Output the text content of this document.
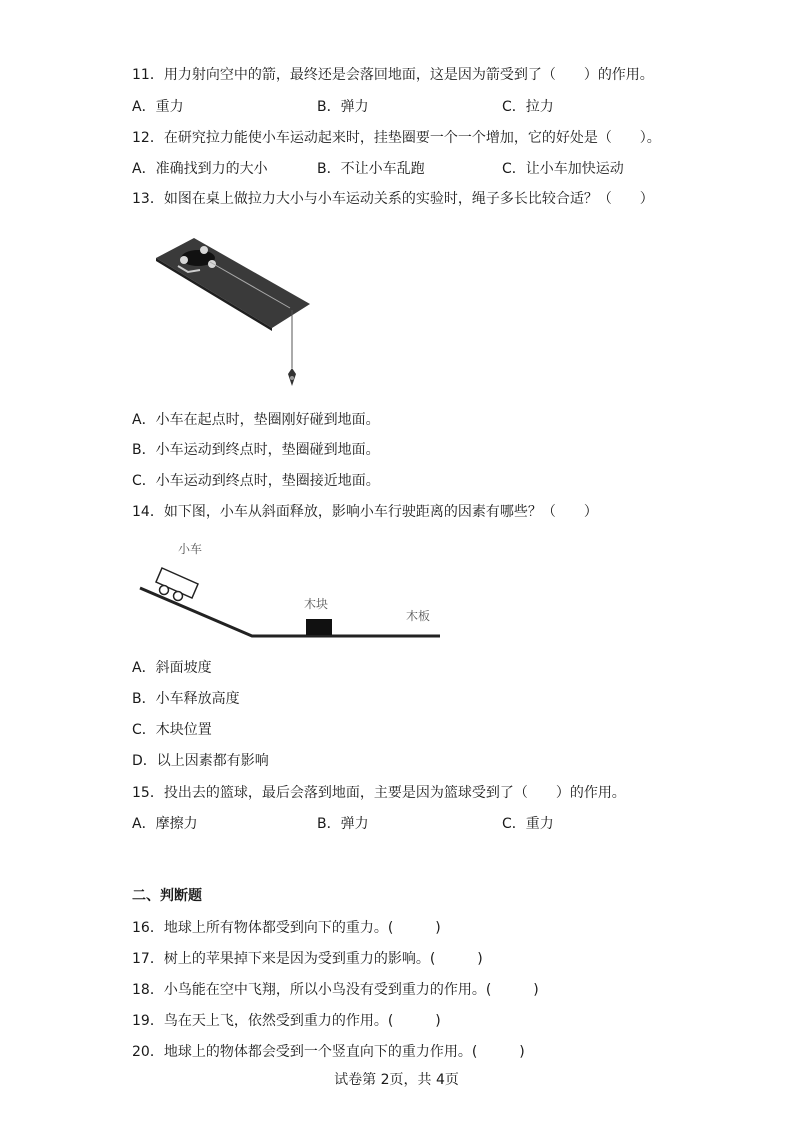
11．用力射向空中的箭，最终还是会落回地面，这是因为箭受到了（　　）的作用。
A．重力	B．弹力	C．拉力
12．在研究拉力能使小车运动起来时，挂垫圈要一个一个增加，它的好处是（　　）。
A．准确找到力的大小	B．不让小车乱跑	C．让小车加快运动
13．如图在桌上做拉力大小与小车运动关系的实验时，绳子多长比较合适？（　　）
A．小车在起点时，垫圈刚好碰到地面。
B．小车运动到终点时，垫圈碰到地面。
C．小车运动到终点时，垫圈接近地面。
14．如下图，小车从斜面释放，影响小车行驶距离的因素有哪些？（　　）
小车
木块
木板
A．斜面坡度
B．小车释放高度
C．木块位置
D．以上因素都有影响
15．投出去的篮球，最后会落到地面，主要是因为篮球受到了（　　）的作用。
A．摩擦力	B．弹力	C．重力
二、判断题
16．地球上所有物体都受到向下的重力。(　　　)
17．树上的苹果掉下来是因为受到重力的影响。(　　　)
18．小鸟能在空中飞翔，所以小鸟没有受到重力的作用。(　　　)
19．鸟在天上飞，依然受到重力的作用。(　　　)
20．地球上的物体都会受到一个竖直向下的重力作用。(　　　)
试卷第 2页，共 4页
